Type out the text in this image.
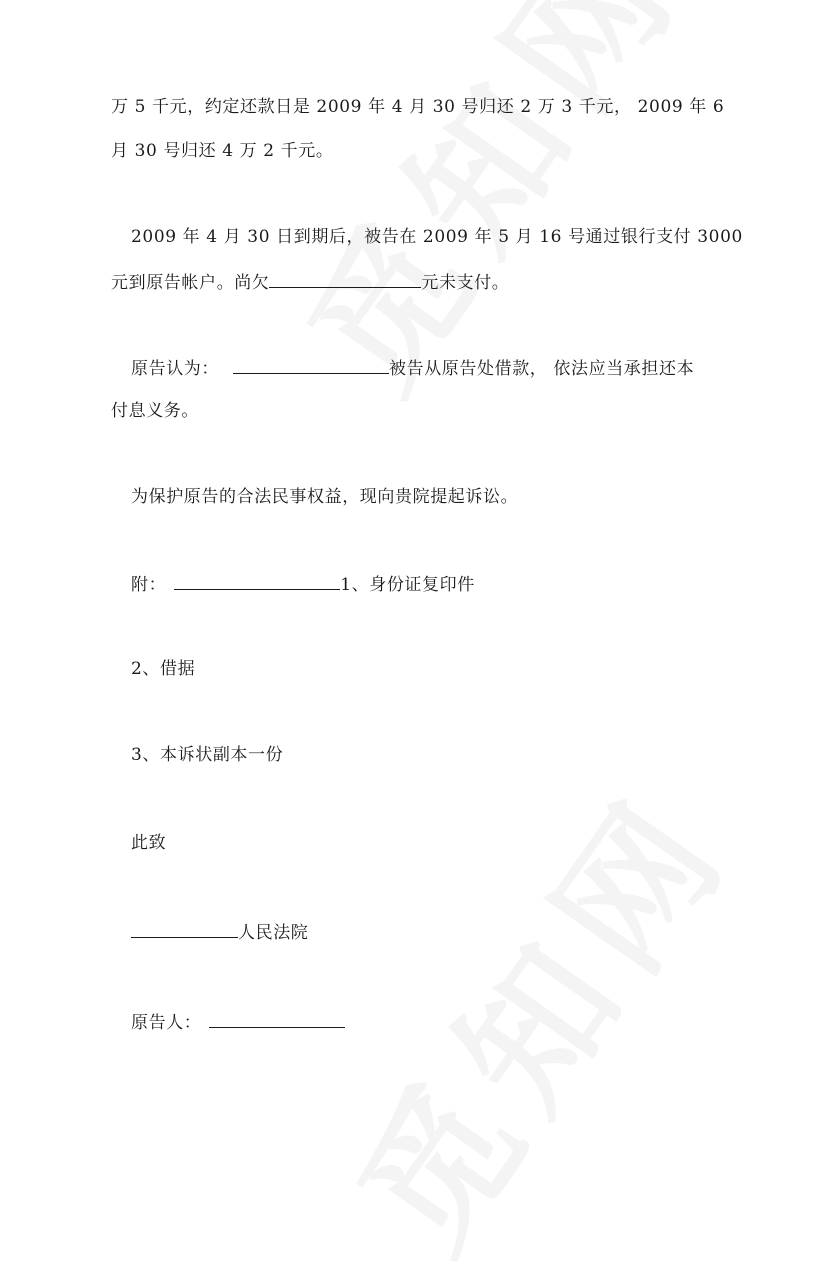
万 5 千元，约定还款日是 2009 年 4 月 30 号归还 2 万 3 千元， 2009 年 6
月 30 号归还 4 万 2 千元。
2009 年 4 月 30 日到期后，被告在 2009 年 5 月 16 号通过银行支付 3000
元到原告帐户。尚欠	元未支付。
原告认为：	被告从原告处借款， 依法应当承担还本
付息义务。
为保护原告的合法民事权益，现向贵院提起诉讼。
附：	1、身份证复印件
2、借据
3、本诉状副本一份
此致
人民法院
原告人：
